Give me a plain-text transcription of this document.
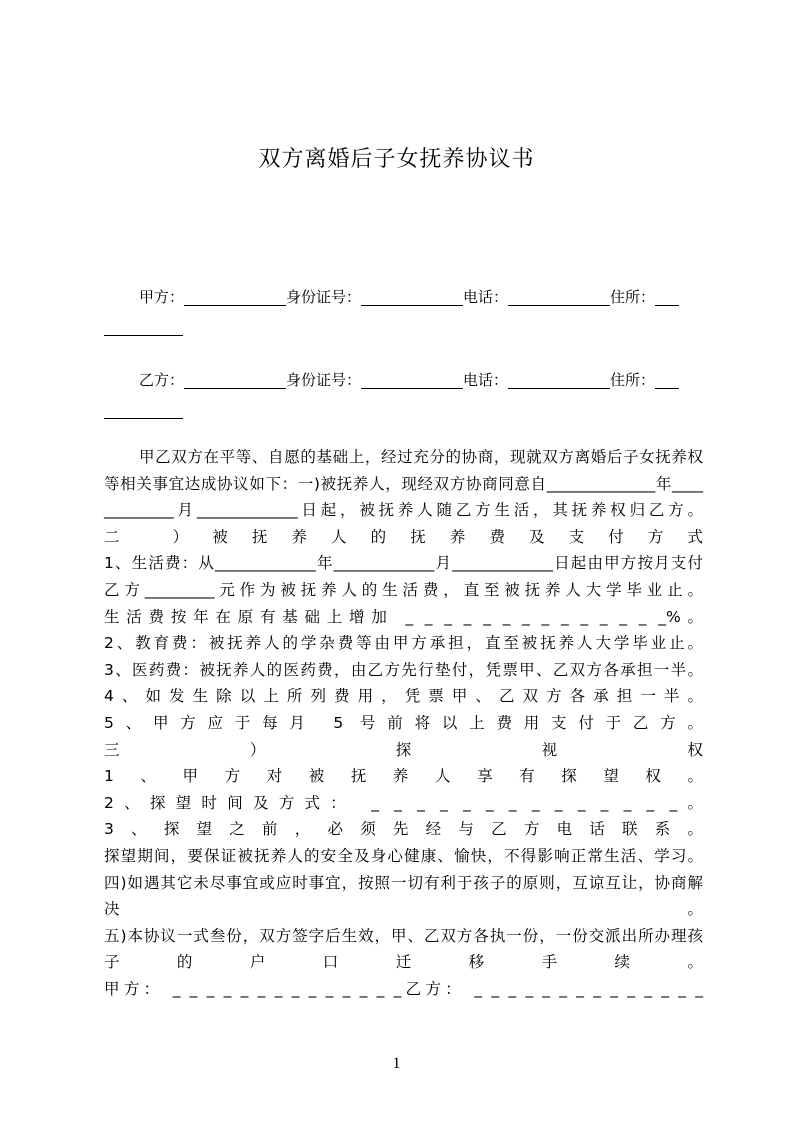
双方离婚后子女抚养协议书
甲方：	身份证号：	电话：	住所：
乙方：	身份证号：	电话：	住所：
甲乙双方在平等、自愿的基础上，经过充分的协商，现就双方离婚后子女抚养权
等相关事宜达成协议如下：一)被抚养人，现经双方协商同意自______________年____
_________月_____________日起，被抚养人随乙方生活，其抚养权归乙方。
二 ）被抚养人的抚养费及支付方式
1、生活费：从_____________年_____________月_____________日起由甲方按月支付
乙方_________元作为被抚养人的生活费，直至被抚养人大学毕业止。
生活费按年在原有基础上增加 _ _ _ _ _ _ _ _ _ _ _ _ _ _%。
2、教育费：被抚养人的学杂费等由甲方承担，直至被抚养人大学毕业止。
3、医药费：被抚养人的医药费，由乙方先行垫付，凭票甲、乙双方各承担一半。
4、如发生除以上所列费用，凭票甲、乙双方各承担一半。
5、甲方应于每月 5 号前将以上费用支付于乙方。
三 ） 探 视 权
1、甲方对被抚养人享有探望权。
2、探望时间及方式： _ _ _ _ _ _ _ _ _ _ _ _ _ _。
3、探望之前，必须先经与乙方电话联系。
探望期间，要保证被抚养人的安全及身心健康、愉快，不得影响正常生活、学习。
四)如遇其它未尽事宜或应时事宜，按照一切有利于孩子的原则，互谅互让，协商解
决 。
五)本协议一式叁份，双方签字后生效，甲、乙双方各执一份，一份交派出所办理孩
子的户口迁移手续。
甲方： _ _ _ _ _ _ _ _ _ _ _ _ _ _乙方： _ _ _ _ _ _ _ _ _ _ _ _ _ _
1
